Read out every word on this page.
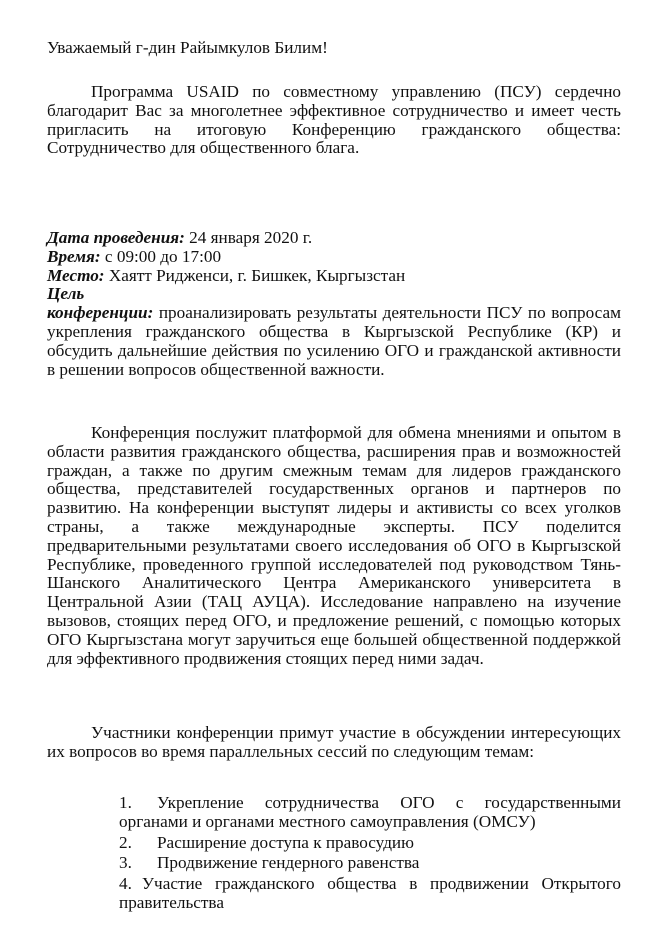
Уважаемый г-дин Райымкулов Билим!
Программа USAID по совместному управлению (ПСУ) сердечно благодарит Вас за многолетнее эффективное сотрудничество и имеет честь пригласить на итоговую Конференцию гражданского общества: Сотрудничество для общественного блага.

Дата проведения: 24 января 2020 г.

Время: с 09:00 до 17:00

Место: Хаятт Ридженси, г. Бишкек, Кыргызстан

Цель
конференции: проанализировать результаты деятельности ПСУ по вопросам укрепления гражданского общества в Кыргызской Республике (КР) и обсудить дальнейшие действия по усилению ОГО и гражданской активности в решении вопросов общественной важности.

Конференция послужит платформой для обмена мнениями и опытом в области развития гражданского общества, расширения прав и возможностей граждан, а также по другим смежным темам для лидеров гражданского общества, представителей государственных органов и партнеров по развитию. На конференции выступят лидеры и активисты со всех уголков страны, а также международные эксперты. ПСУ поделится предварительными результатами своего исследования об ОГО в Кыргызской Республике, проведенного группой исследователей под руководством Тянь-Шанского Аналитического Центра Американского университета в Центральной Азии (ТАЦ АУЦА). Исследование направлено на изучение вызовов, стоящих перед ОГО, и предложение решений, с помощью которых ОГО Кыргызстана могут заручиться еще большей общественной поддержкой для эффективного продвижения стоящих перед ними задач.
Участники конференции примут участие в обсуждении интересующих их вопросов во время параллельных сессий по следующим темам:
1. Укрепление сотрудничества ОГО с государственными органами и органами местного самоуправления (ОМСУ)
2. Расширение доступа к правосудию
3. Продвижение гендерного равенства
4. Участие гражданского общества в продвижении Открытого правительства
